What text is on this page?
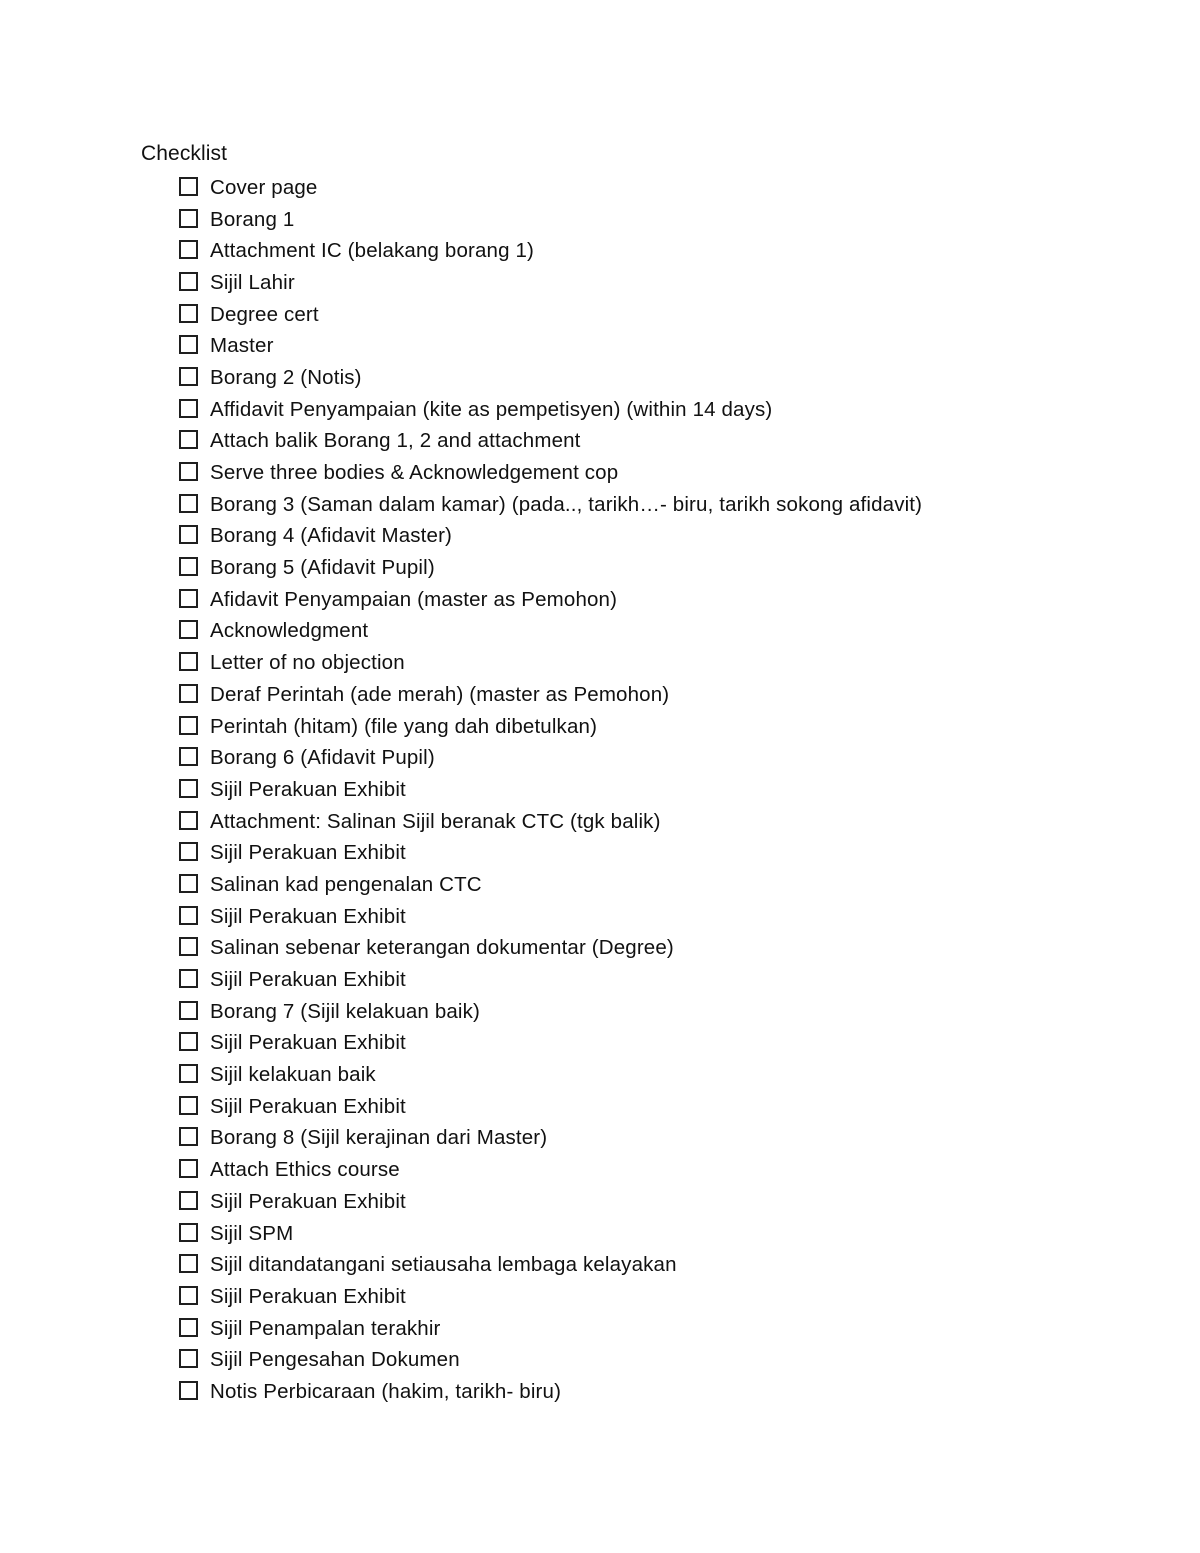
Checklist
Cover page
Borang 1
Attachment IC (belakang borang 1)
Sijil Lahir
Degree cert
Master
Borang 2 (Notis)
Affidavit Penyampaian (kite as pempetisyen) (within 14 days)
Attach balik Borang 1, 2 and attachment
Serve three bodies & Acknowledgement cop
Borang 3 (Saman dalam kamar) (pada.., tarikh…- biru, tarikh sokong afidavit)
Borang 4 (Afidavit Master)
Borang 5 (Afidavit Pupil)
Afidavit Penyampaian (master as Pemohon)
Acknowledgment
Letter of no objection
Deraf Perintah (ade merah) (master as Pemohon)
Perintah (hitam) (file yang dah dibetulkan)
Borang 6 (Afidavit Pupil)
Sijil Perakuan Exhibit
Attachment: Salinan Sijil beranak CTC (tgk balik)
Sijil Perakuan Exhibit
Salinan kad pengenalan CTC
Sijil Perakuan Exhibit
Salinan sebenar keterangan dokumentar (Degree)
Sijil Perakuan Exhibit
Borang 7 (Sijil kelakuan baik)
Sijil Perakuan Exhibit
Sijil kelakuan baik
Sijil Perakuan Exhibit
Borang 8 (Sijil kerajinan dari Master)
Attach Ethics course
Sijil Perakuan Exhibit
Sijil SPM
Sijil ditandatangani setiausaha lembaga kelayakan
Sijil Perakuan Exhibit
Sijil Penampalan terakhir
Sijil Pengesahan Dokumen
Notis Perbicaraan (hakim, tarikh- biru)
